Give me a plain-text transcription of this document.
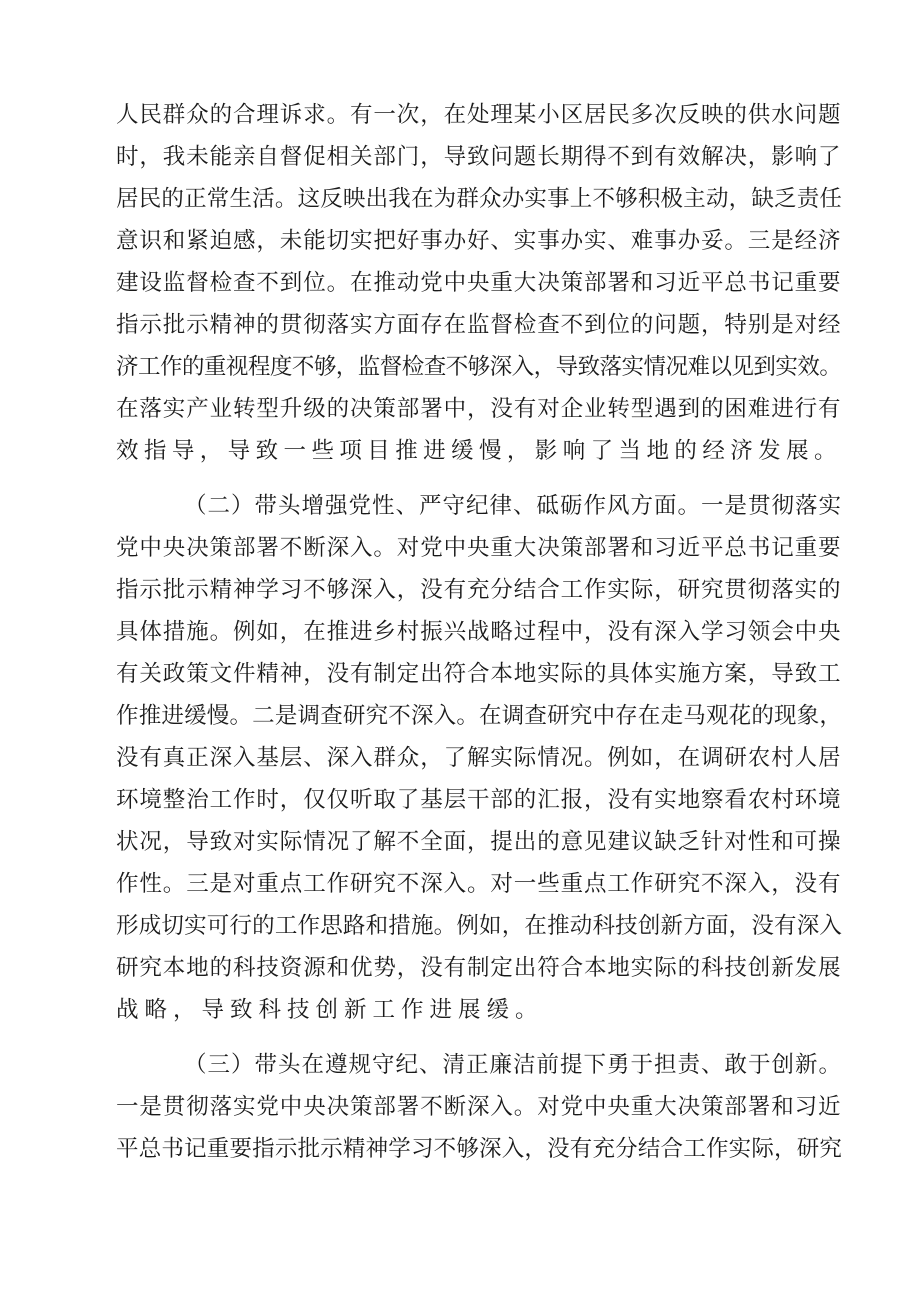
人民群众的合理诉求。有一次，在处理某小区居民多次反映的供水问题
时，我未能亲自督促相关部门，导致问题长期得不到有效解决，影响了
居民的正常生活。这反映出我在为群众办实事上不够积极主动，缺乏责任
意识和紧迫感，未能切实把好事办好、实事办实、难事办妥。三是经济
建设监督检查不到位。在推动党中央重大决策部署和习近平总书记重要
指示批示精神的贯彻落实方面存在监督检查不到位的问题，特别是对经
济工作的重视程度不够，监督检查不够深入，导致落实情况难以见到实效。
在落实产业转型升级的决策部署中，没有对企业转型遇到的困难进行有
效指导，导致一些项目推进缓慢，影响了当地的经济发展。
（二）带头增强党性、严守纪律、砥砺作风方面。一是贯彻落实
党中央决策部署不断深入。对党中央重大决策部署和习近平总书记重要
指示批示精神学习不够深入，没有充分结合工作实际，研究贯彻落实的
具体措施。例如，在推进乡村振兴战略过程中，没有深入学习领会中央
有关政策文件精神，没有制定出符合本地实际的具体实施方案，导致工
作推进缓慢。二是调查研究不深入。在调查研究中存在走马观花的现象，
没有真正深入基层、深入群众，了解实际情况。例如，在调研农村人居
环境整治工作时，仅仅听取了基层干部的汇报，没有实地察看农村环境
状况，导致对实际情况了解不全面，提出的意见建议缺乏针对性和可操
作性。三是对重点工作研究不深入。对一些重点工作研究不深入，没有
形成切实可行的工作思路和措施。例如，在推动科技创新方面，没有深入
研究本地的科技资源和优势，没有制定出符合本地实际的科技创新发展
战略，导致科技创新工作进展缓。
（三）带头在遵规守纪、清正廉洁前提下勇于担责、敢于创新。
一是贯彻落实党中央决策部署不断深入。对党中央重大决策部署和习近
平总书记重要指示批示精神学习不够深入，没有充分结合工作实际，研究
